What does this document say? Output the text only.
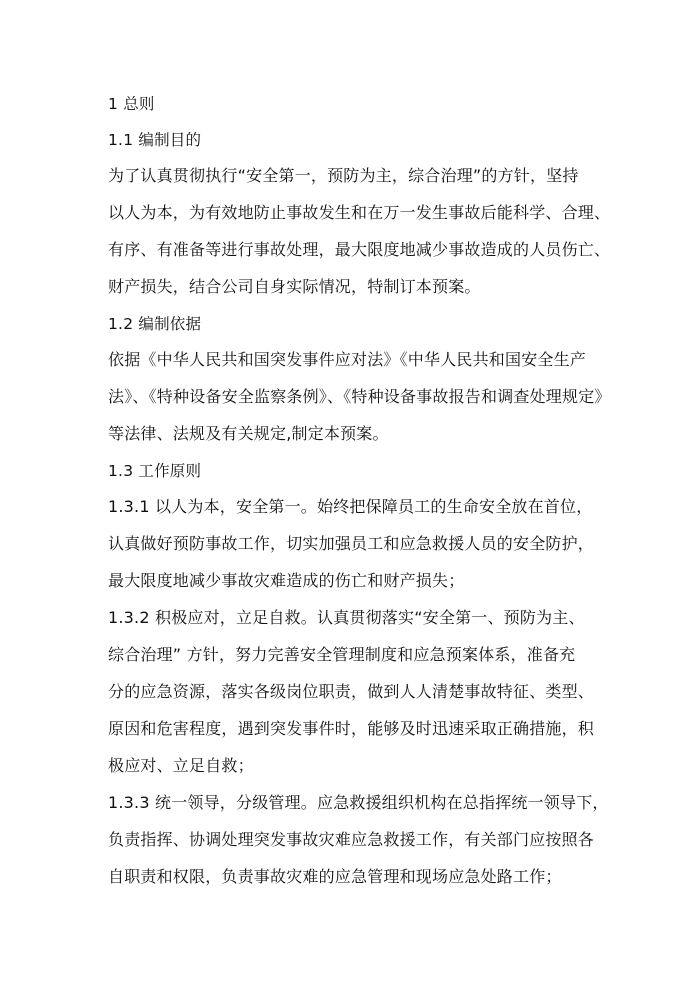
1 总则
1.1 编制目的
为了认真贯彻执行“安全第一，预防为主，综合治理”的方针，坚持
以人为本，为有效地防止事故发生和在万一发生事故后能科学、合理、
有序、有准备等进行事故处理，最大限度地减少事故造成的人员伤亡、
财产损失，结合公司自身实际情况，特制订本预案。
1.2 编制依据
依据《中华人民共和国突发事件应对法》《中华人民共和国安全生产
法》、《特种设备安全监察条例》、《特种设备事故报告和调查处理规定》
等法律、法规及有关规定,制定本预案。
1.3 工作原则
1.3.1 以人为本，安全第一。始终把保障员工的生命安全放在首位，
认真做好预防事故工作，切实加强员工和应急救援人员的安全防护，
最大限度地减少事故灾难造成的伤亡和财产损失；
1.3.2 积极应对，立足自救。认真贯彻落实“安全第一、预防为主、
综合治理” 方针，努力完善安全管理制度和应急预案体系，准备充
分的应急资源，落实各级岗位职责，做到人人清楚事故特征、类型、
原因和危害程度，遇到突发事件时，能够及时迅速采取正确措施，积
极应对、立足自救；
1.3.3 统一领导，分级管理。应急救援组织机构在总指挥统一领导下，
负责指挥、协调处理突发事故灾难应急救援工作，有关部门应按照各
自职责和权限，负责事故灾难的应急管理和现场应急处路工作；
